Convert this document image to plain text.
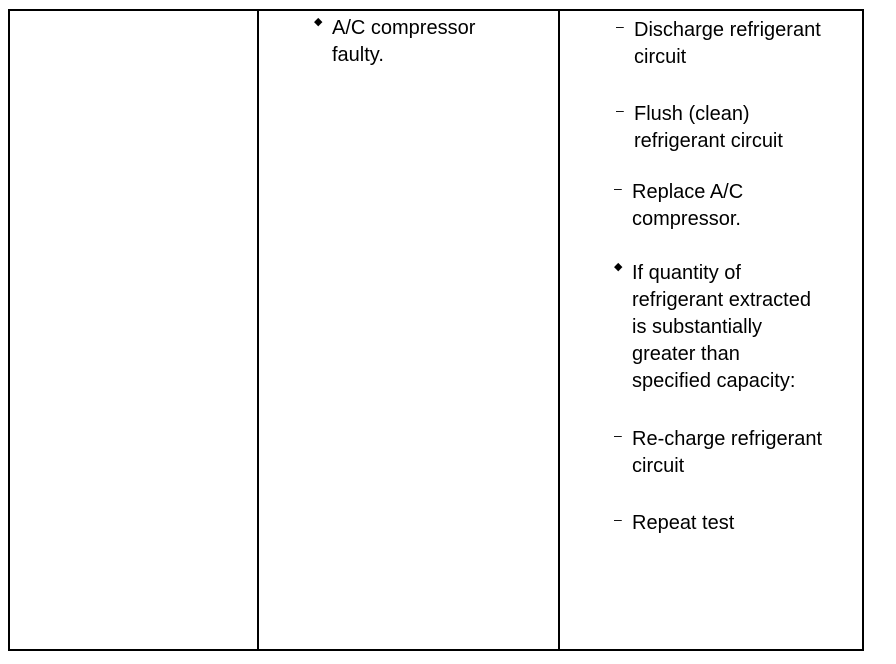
◆ A/C compressor
faulty.
– Discharge refrigerant
circuit
– Flush (clean)
refrigerant circuit
– Replace A/C
compressor.
◆ If quantity of
refrigerant extracted
is substantially
greater than
specified capacity:
– Re-charge refrigerant
circuit
– Repeat test
